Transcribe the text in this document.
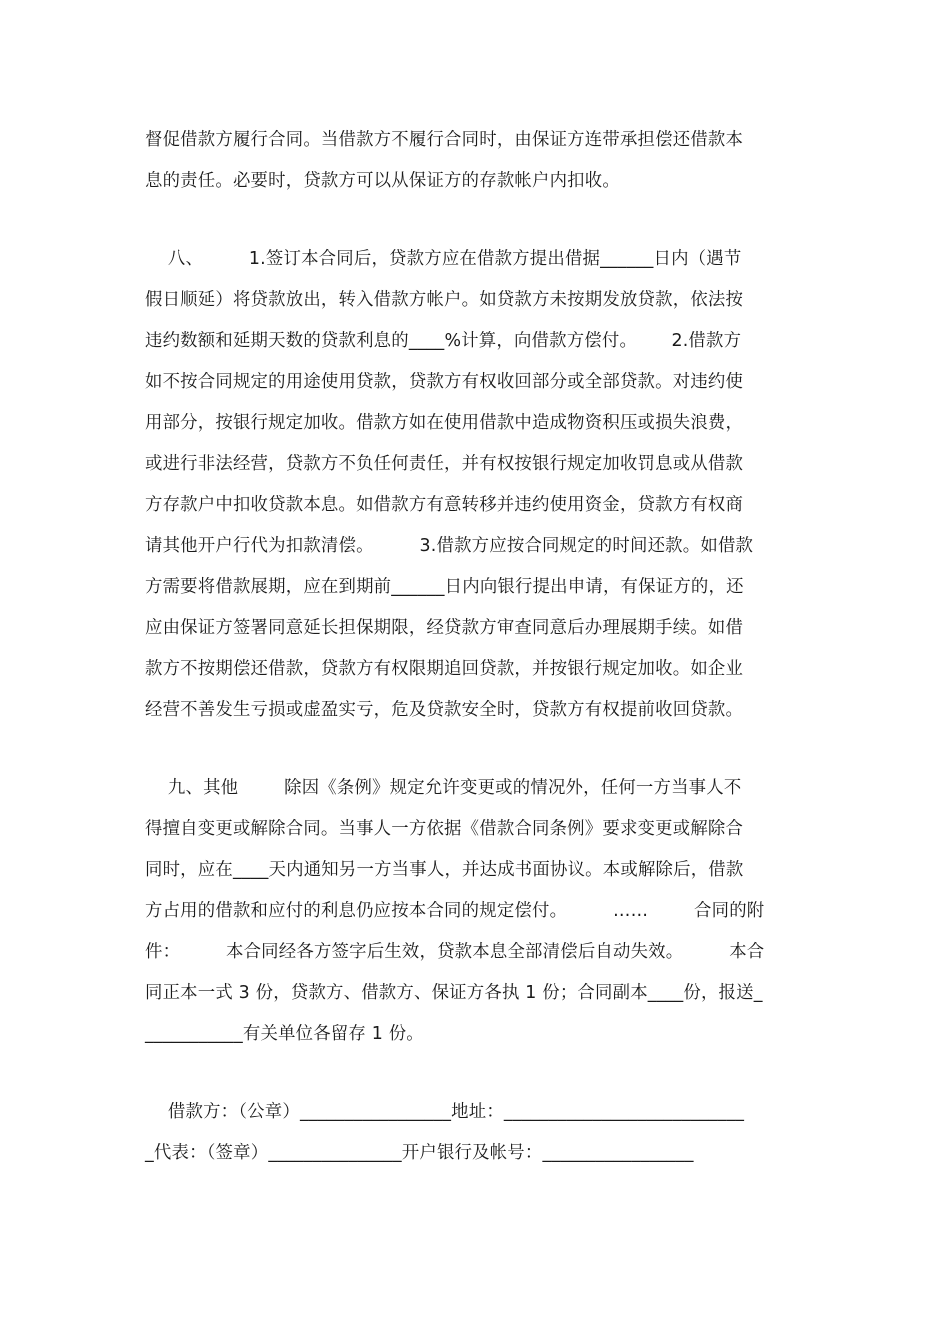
督促借款方履行合同。当借款方不履行合同时，由保证方连带承担偿还借款本
息的责任。必要时，贷款方可以从保证方的存款帐户内扣收。
八、        1.签订本合同后，贷款方应在借款方提出借据______日内（遇节
假日顺延）将贷款放出，转入借款方帐户。如贷款方未按期发放贷款，依法按
违约数额和延期天数的贷款利息的____%计算，向借款方偿付。      2.借款方
如不按合同规定的用途使用贷款，贷款方有权收回部分或全部贷款。对违约使
用部分，按银行规定加收。借款方如在使用借款中造成物资积压或损失浪费，
或进行非法经营，贷款方不负任何责任，并有权按银行规定加收罚息或从借款
方存款户中扣收贷款本息。如借款方有意转移并违约使用资金，贷款方有权商
请其他开户行代为扣款清偿。        3.借款方应按合同规定的时间还款。如借款
方需要将借款展期，应在到期前______日内向银行提出申请，有保证方的，还
应由保证方签署同意延长担保期限，经贷款方审查同意后办理展期手续。如借
款方不按期偿还借款，贷款方有权限期追回贷款，并按银行规定加收。如企业
经营不善发生亏损或虚盈实亏，危及贷款安全时，贷款方有权提前收回贷款。
九、其他        除因《条例》规定允许变更或的情况外，任何一方当事人不
得擅自变更或解除合同。当事人一方依据《借款合同条例》要求变更或解除合
同时，应在____天内通知另一方当事人，并达成书面协议。本或解除后，借款
方占用的借款和应付的利息仍应按本合同的规定偿付。        ……        合同的附
件：        本合同经各方签字后生效，贷款本息全部清偿后自动失效。        本合
同正本一式 3 份，贷款方、借款方、保证方各执 1 份；合同副本____份，报送_
___________有关单位各留存 1 份。
借款方：（公章）_________________地址：___________________________
_代表：（签章）_______________开户银行及帐号：_________________
